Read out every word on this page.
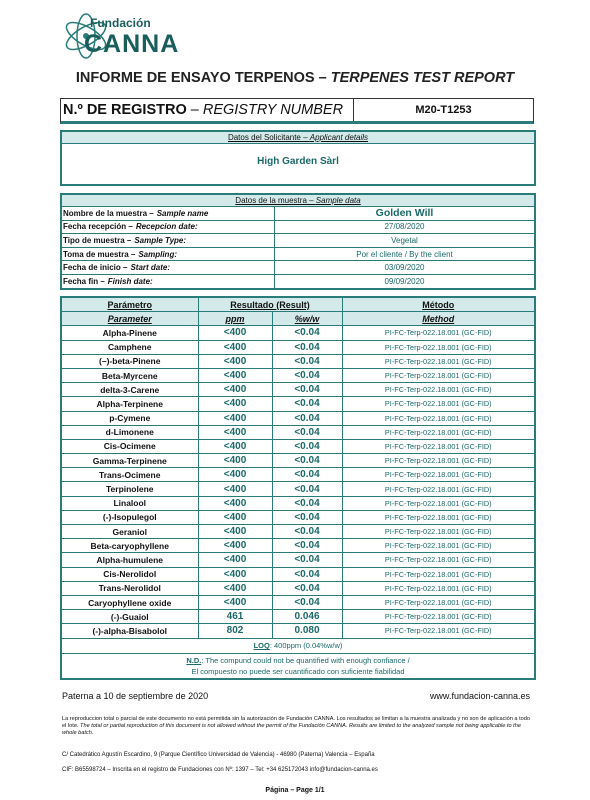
Fundación
CANNA
INFORME DE ENSAYO TERPENOS – TERPENES TEST REPORT
N.º DE REGISTRO – REGISTRY NUMBER	M20-T1253
Datos del Solicitante – Applicant details
High Garden Sàrl
Datos de la muestra – Sample data
Nombre de la muestra – Sample name	Golden Will
Fecha recepción – Recepcion date:	27/08/2020
Tipo de muestra – Sample Type:	Vegetal
Toma de muestra – Sampling:	Por el cliente / By the client
Fecha de inicio – Start date:	03/09/2020
Fecha fin – Finish date:	09/09/2020
Parámetro	Resultado (Result)		Método
Parameter	ppm	%w/w	Method
Alpha-Pinene	<400	<0.04	PI-FC-Terp-022.18.001 (GC-FID)
Camphene	<400	<0.04	PI-FC-Terp-022.18.001 (GC-FID)
(–)-beta-Pinene	<400	<0.04	PI-FC-Terp-022.18.001 (GC-FID)
Beta-Myrcene	<400	<0.04	PI-FC-Terp-022.18.001 (GC-FID)
delta-3-Carene	<400	<0.04	PI-FC-Terp-022.18.001 (GC-FID)
Alpha-Terpinene	<400	<0.04	PI-FC-Terp-022.18.001 (GC-FID)
p-Cymene	<400	<0.04	PI-FC-Terp-022.18.001 (GC-FID)
d-Limonene	<400	<0.04	PI-FC-Terp-022.18.001 (GC-FID)
Cis-Ocimene	<400	<0.04	PI-FC-Terp-022.18.001 (GC-FID)
Gamma-Terpinene	<400	<0.04	PI-FC-Terp-022.18.001 (GC-FID)
Trans-Ocimene	<400	<0.04	PI-FC-Terp-022.18.001 (GC-FID)
Terpinolene	<400	<0.04	PI-FC-Terp-022.18.001 (GC-FID)
Linalool	<400	<0.04	PI-FC-Terp-022.18.001 (GC-FID)
(-)-Isopulegol	<400	<0.04	PI-FC-Terp-022.18.001 (GC-FID)
Geraniol	<400	<0.04	PI-FC-Terp-022.18.001 (GC-FID)
Beta-caryophyllene	<400	<0.04	PI-FC-Terp-022.18.001 (GC-FID)
Alpha-humulene	<400	<0.04	PI-FC-Terp-022.18.001 (GC-FID)
Cis-Nerolidol	<400	<0.04	PI-FC-Terp-022.18.001 (GC-FID)
Trans-Nerolidol	<400	<0.04	PI-FC-Terp-022.18.001 (GC-FID)
Caryophyllene oxide	<400	<0.04	PI-FC-Terp-022.18.001 (GC-FID)
(-)-Guaiol	461	0.046	PI-FC-Terp-022.18.001 (GC-FID)
(-)-alpha-Bisabolol	802	0.080	PI-FC-Terp-022.18.001 (GC-FID)
LOQ: 400ppm (0.04%w/w)			
N.D.: The compund could not be quantified with enough confiance /
El compuesto no puede ser cuantificado con suficiente fiabilidad			
Paterna a 10 de septiembre de 2020	www.fundacion-canna.es
La reproduccion total o parcial de este documento no está permitida sin la autorización de Fundación CANNA. Los resultados se limitan a la muestra analizada y no son de aplicación a todo el lote. The total or partial reproduction of this document is not allowed without the permit of the Fundación CANNA. Results are limited to the analyzed sample not being applicable to the whole batch.
C/ Catedrático Agustín Escardino, 9 (Parque Científico Universidad de Valencia) - 46980 (Paterna) Valencia – España
CIF: B65598724 – Inscrita en el registro de Fundaciones con Nº: 1397 – Tel: +34 625172043 info@fundacion-canna.es
Página – Page 1/1
